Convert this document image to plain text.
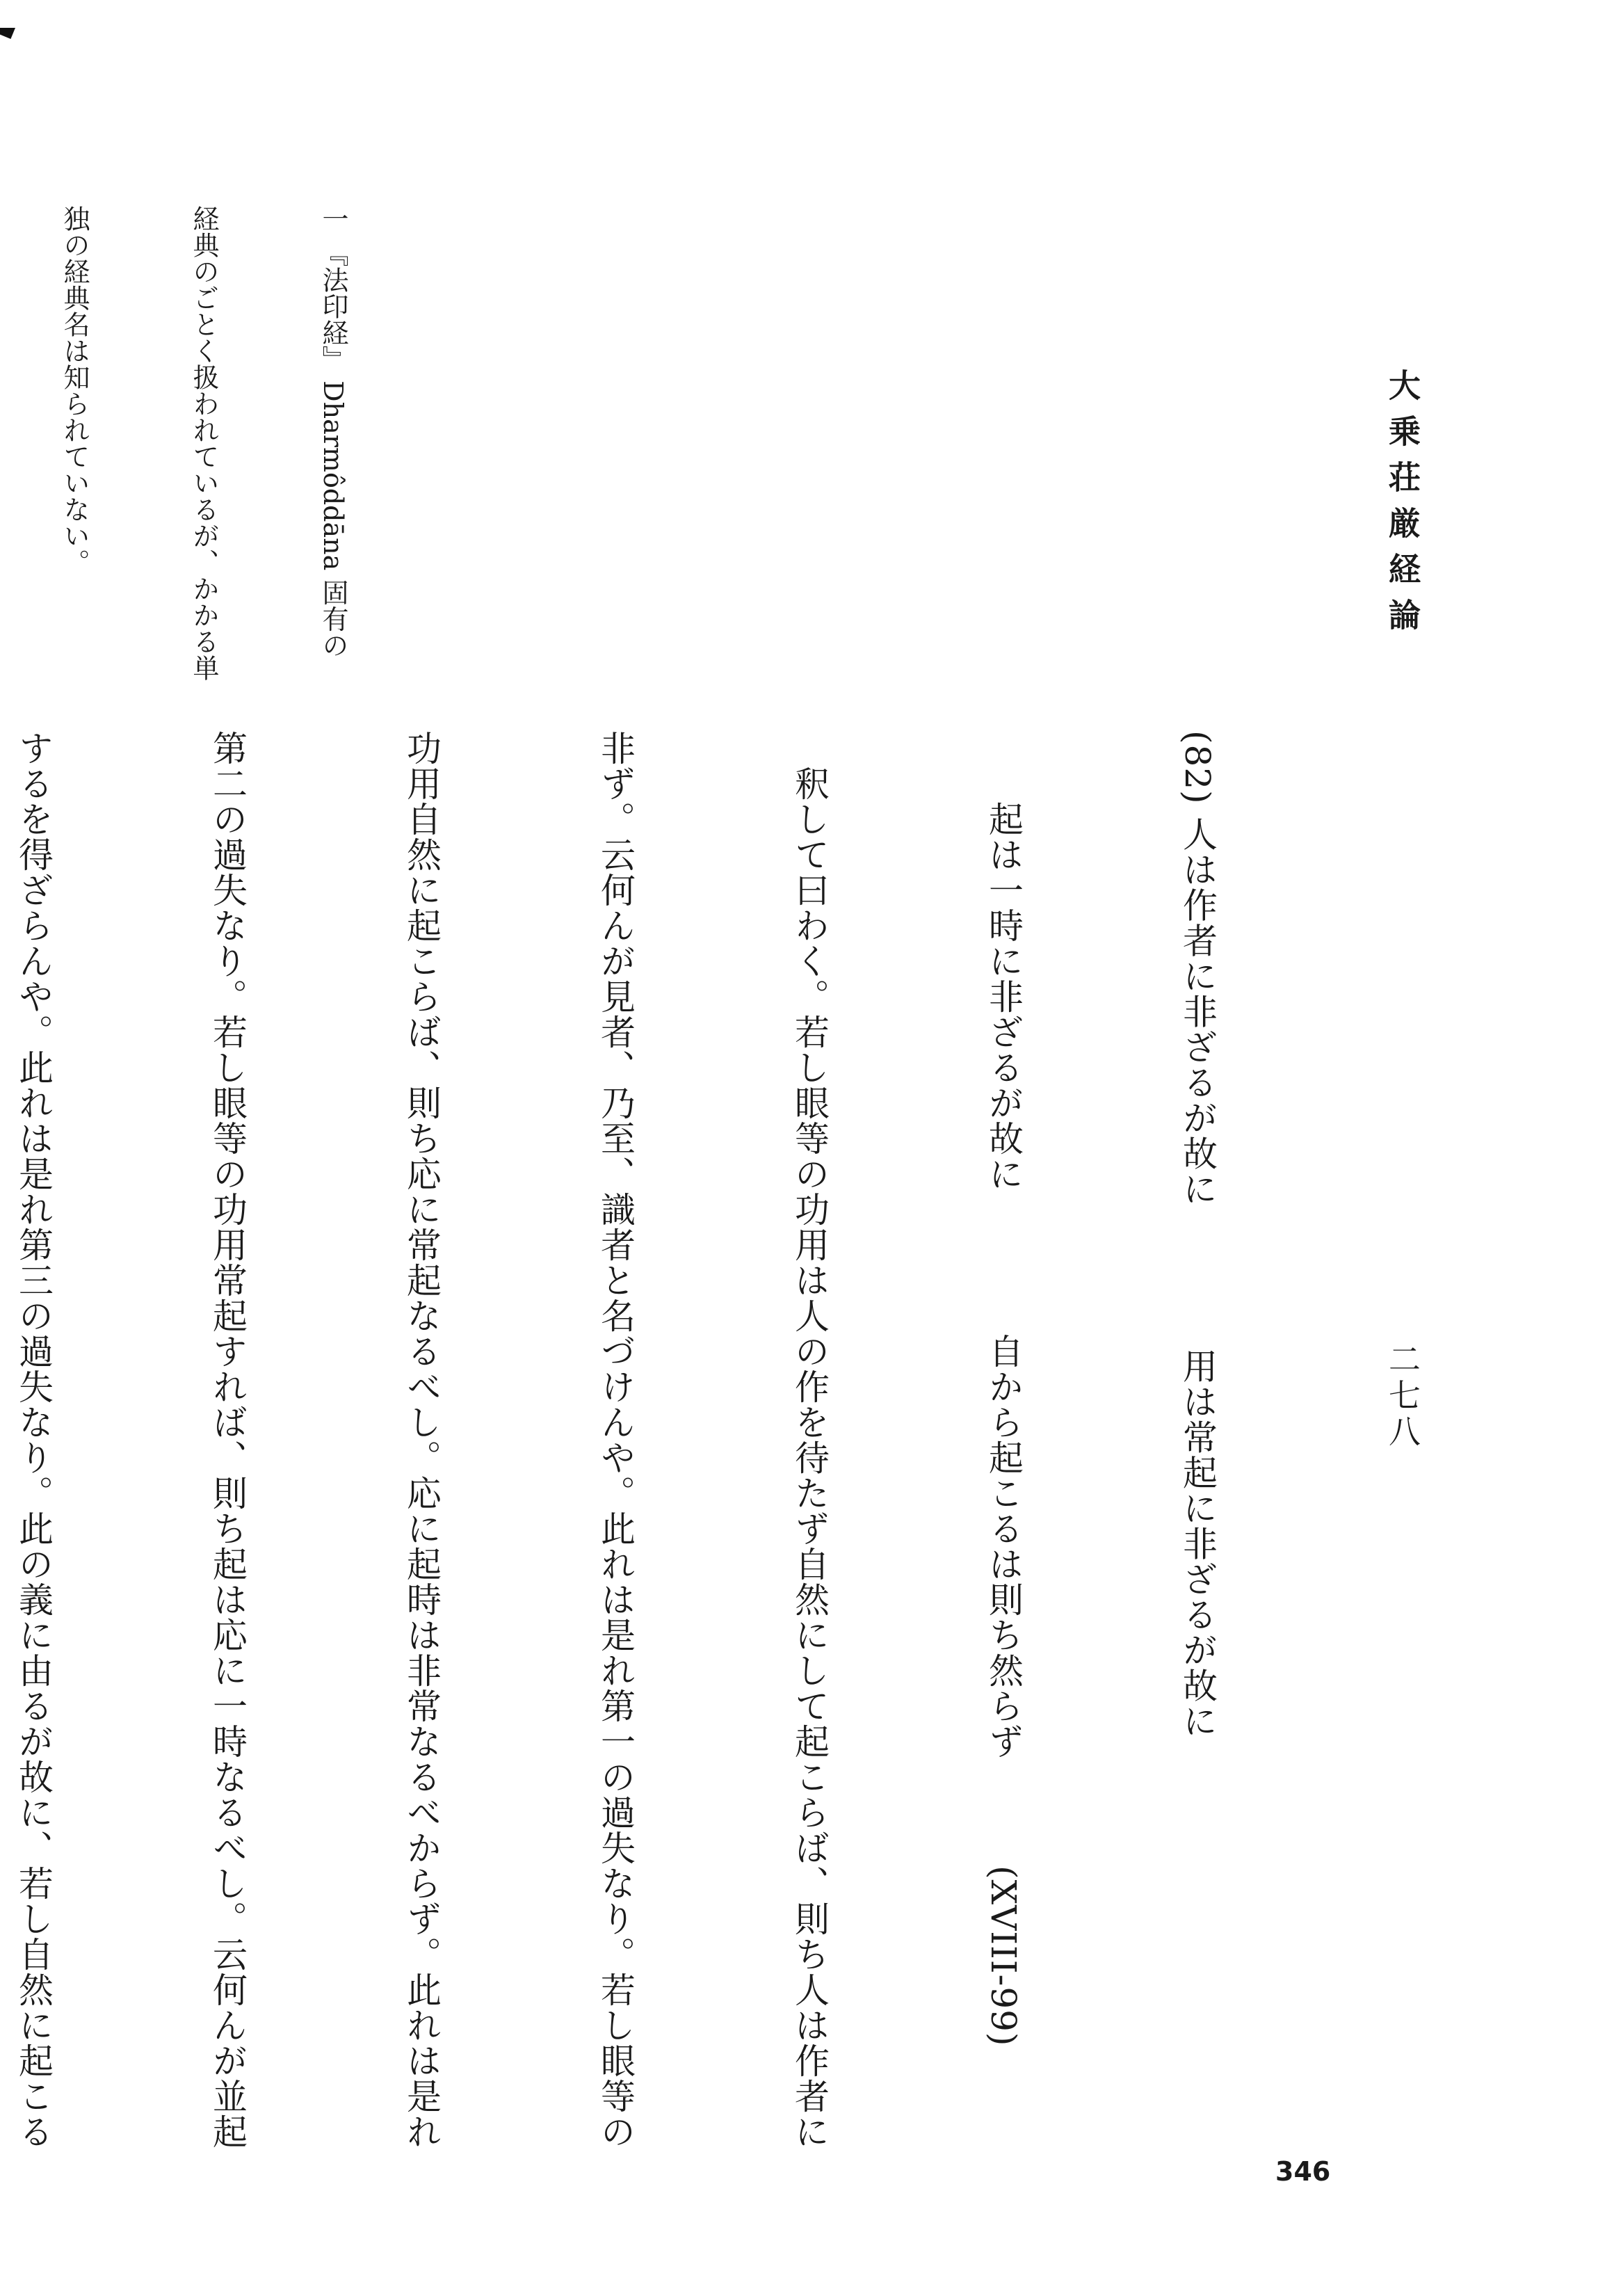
大乗荘厳経論
二七八

(82) 人は作者に非ざるが故に　　　　用は常起に非ざるが故に

　　起は一時に非ざるが故に　　　　自から起こるは則ち然らず　　　(XVIII-99)

　釈して曰わく。若し眼等の功用は人の作を待たず自然にして起こらば、則ち人は作者に

非ず。云何んが見者、乃至、識者と名づけんや。此れは是れ第一の過失なり。若し眼等の

功用自然に起こらば、則ち応に常起なるべし。応に起時は非常なるべからず。此れは是れ

第二の過失なり。若し眼等の功用常起すれば、則ち起は応に一時なるべし。云何んが並起

するを得ざらんや。此れは是れ第三の過失なり。此の義に由るが故に、若し自然に起こる

一 『法印経』 Dharmôddāna 固有の

経典のごとく扱われているが、かかる単

独の経典名は知られていない。

346
